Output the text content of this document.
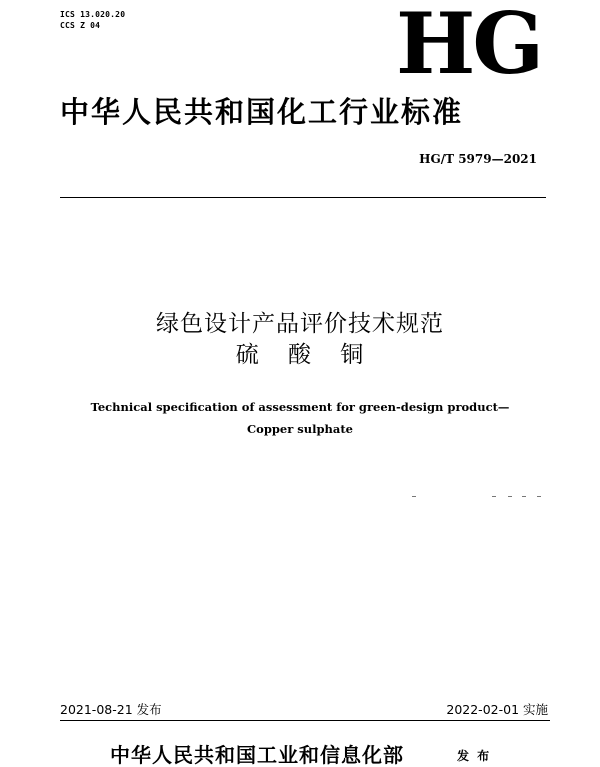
ICS 13.020.20
CCS Z 04	HG
中华人民共和国化工行业标准
HG/T 5979—2021
绿色设计产品评价技术规范
硫 酸 铜
Technical specification of assessment for green-design product—
Copper sulphate
2021-08-21 发布	2022-02-01 实施
中华人民共和国工业和信息化部	发 布
